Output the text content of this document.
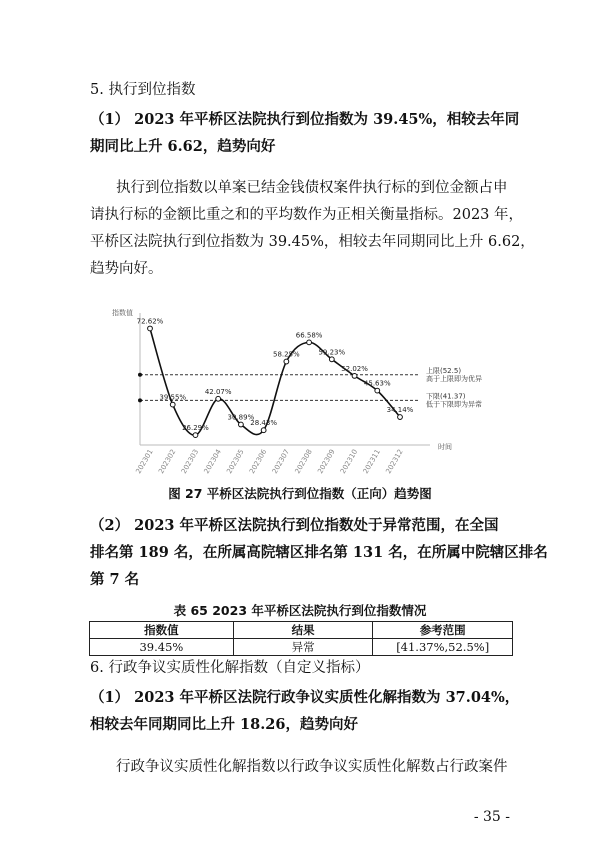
5. 执行到位指数
（1） 2023 年平桥区法院执行到位指数为 39.45%，相较去年同
期同比上升 6.62，趋势向好
执行到位指数以单案已结金钱债权案件执行标的到位金额占申
请执行标的金额比重之和的平均数作为正相关衡量指标。2023 年，
平桥区法院执行到位指数为 39.45%，相较去年同期同比上升 6.62，
趋势向好。
指数值
时间
上限(52.5)
高于上限即为优异
下限(41.37)
低于下限即为异常
72.62%
202301
39.55%
202302
26.29%
202303
42.07%
202304
30.89%
202305
28.43%
202306
58.25%
202307
66.58%
202308
59.23%
202309
52.02%
202310
45.63%
202311
34.14%
202312
图 27 平桥区法院执行到位指数（正向）趋势图
（2） 2023 年平桥区法院执行到位指数处于异常范围，在全国
排名第 189 名，在所属高院辖区排名第 131 名，在所属中院辖区排名
第 7 名
表 65 2023 年平桥区法院执行到位指数情况
指数值	结果	参考范围
39.45%	异常	[41.37%,52.5%]
6. 行政争议实质性化解指数（自定义指标）
（1） 2023 年平桥区法院行政争议实质性化解指数为 37.04%，
相较去年同期同比上升 18.26，趋势向好
行政争议实质性化解指数以行政争议实质性化解数占行政案件
- 35 -
